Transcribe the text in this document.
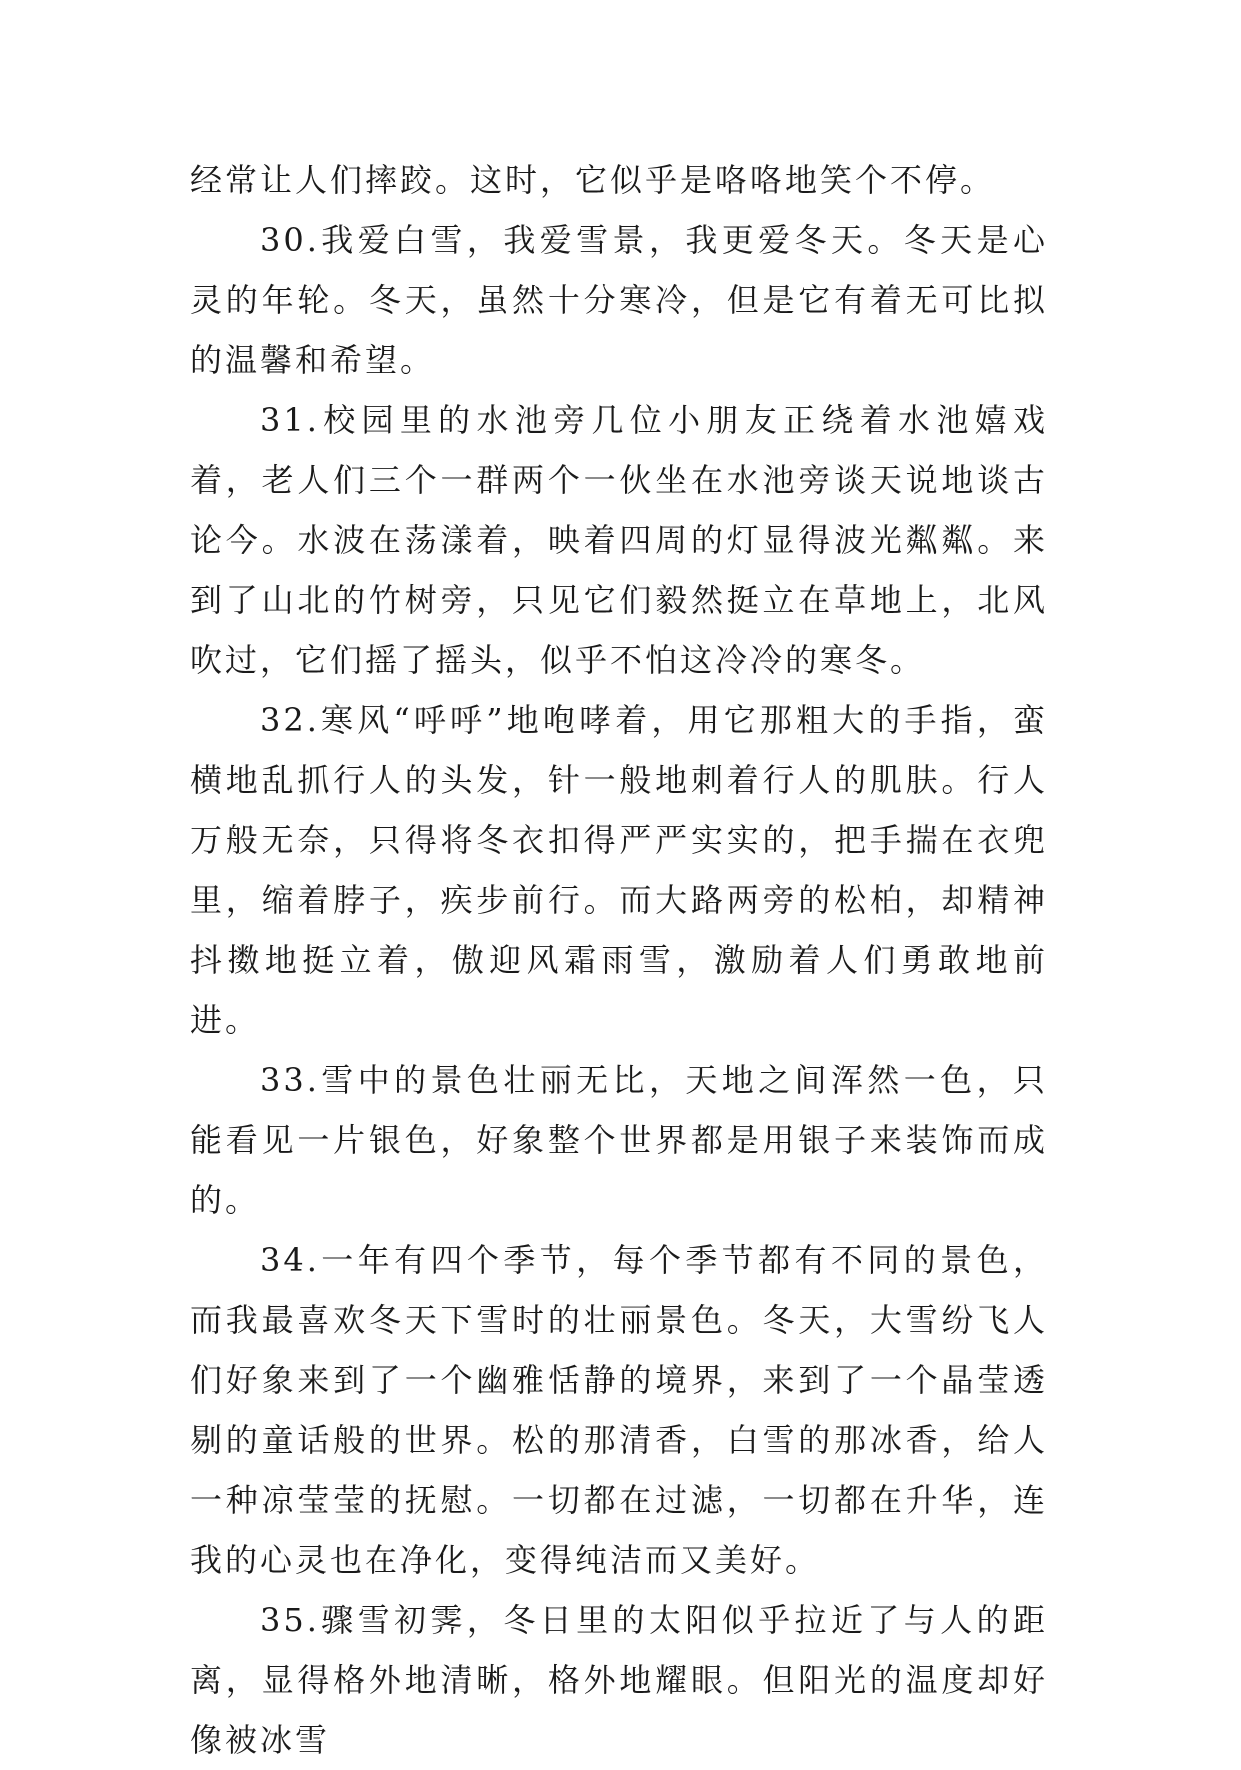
经常让人们摔跤。这时，它似乎是咯咯地笑个不停。

30.我爱白雪，我爱雪景，我更爱冬天。冬天是心灵的年轮。冬天，虽然十分寒冷，但是它有着无可比拟的温馨和希望。

31.校园里的水池旁几位小朋友正绕着水池嬉戏着，老人们三个一群两个一伙坐在水池旁谈天说地谈古论今。水波在荡漾着，映着四周的灯显得波光粼粼。来到了山北的竹树旁，只见它们毅然挺立在草地上，北风吹过，它们摇了摇头，似乎不怕这冷冷的寒冬。

32.寒风“呼呼”地咆哮着，用它那粗大的手指，蛮横地乱抓行人的头发，针一般地刺着行人的肌肤。行人万般无奈，只得将冬衣扣得严严实实的，把手揣在衣兜里，缩着脖子，疾步前行。而大路两旁的松柏，却精神抖擞地挺立着，傲迎风霜雨雪，激励着人们勇敢地前进。

33.雪中的景色壮丽无比，天地之间浑然一色，只能看见一片银色，好象整个世界都是用银子来装饰而成的。

34.一年有四个季节，每个季节都有不同的景色，而我最喜欢冬天下雪时的壮丽景色。冬天，大雪纷飞人们好象来到了一个幽雅恬静的境界，来到了一个晶莹透剔的童话般的世界。松的那清香，白雪的那冰香，给人一种凉莹莹的抚慰。一切都在过滤，一切都在升华，连我的心灵也在净化，变得纯洁而又美好。

35.骤雪初霁，冬日里的太阳似乎拉近了与人的距离，显得格外地清晰，格外地耀眼。但阳光的温度却好像被冰雪
